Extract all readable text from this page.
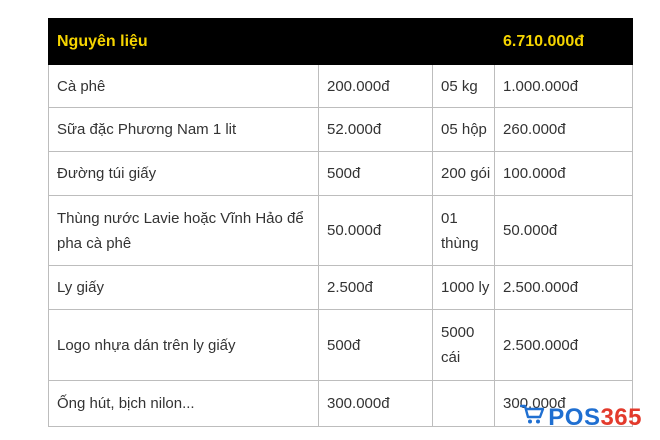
Nguyên liệu			6.710.000đ
Cà phê	200.000đ	05 kg	1.000.000đ
Sữa đặc Phương Nam 1 lit	52.000đ	05 hộp	260.000đ
Đường túi giấy	500đ	200 gói	100.000đ
Thùng nước Lavie hoặc Vĩnh Hảo để pha cà phê	50.000đ	01 thùng	50.000đ
Ly giấy	2.500đ	1000 ly	2.500.000đ
Logo nhựa dán trên ly giấy	500đ	5000 cái	2.500.000đ
Ống hút, bịch nilon...	300.000đ		300.000đ
POS 365
